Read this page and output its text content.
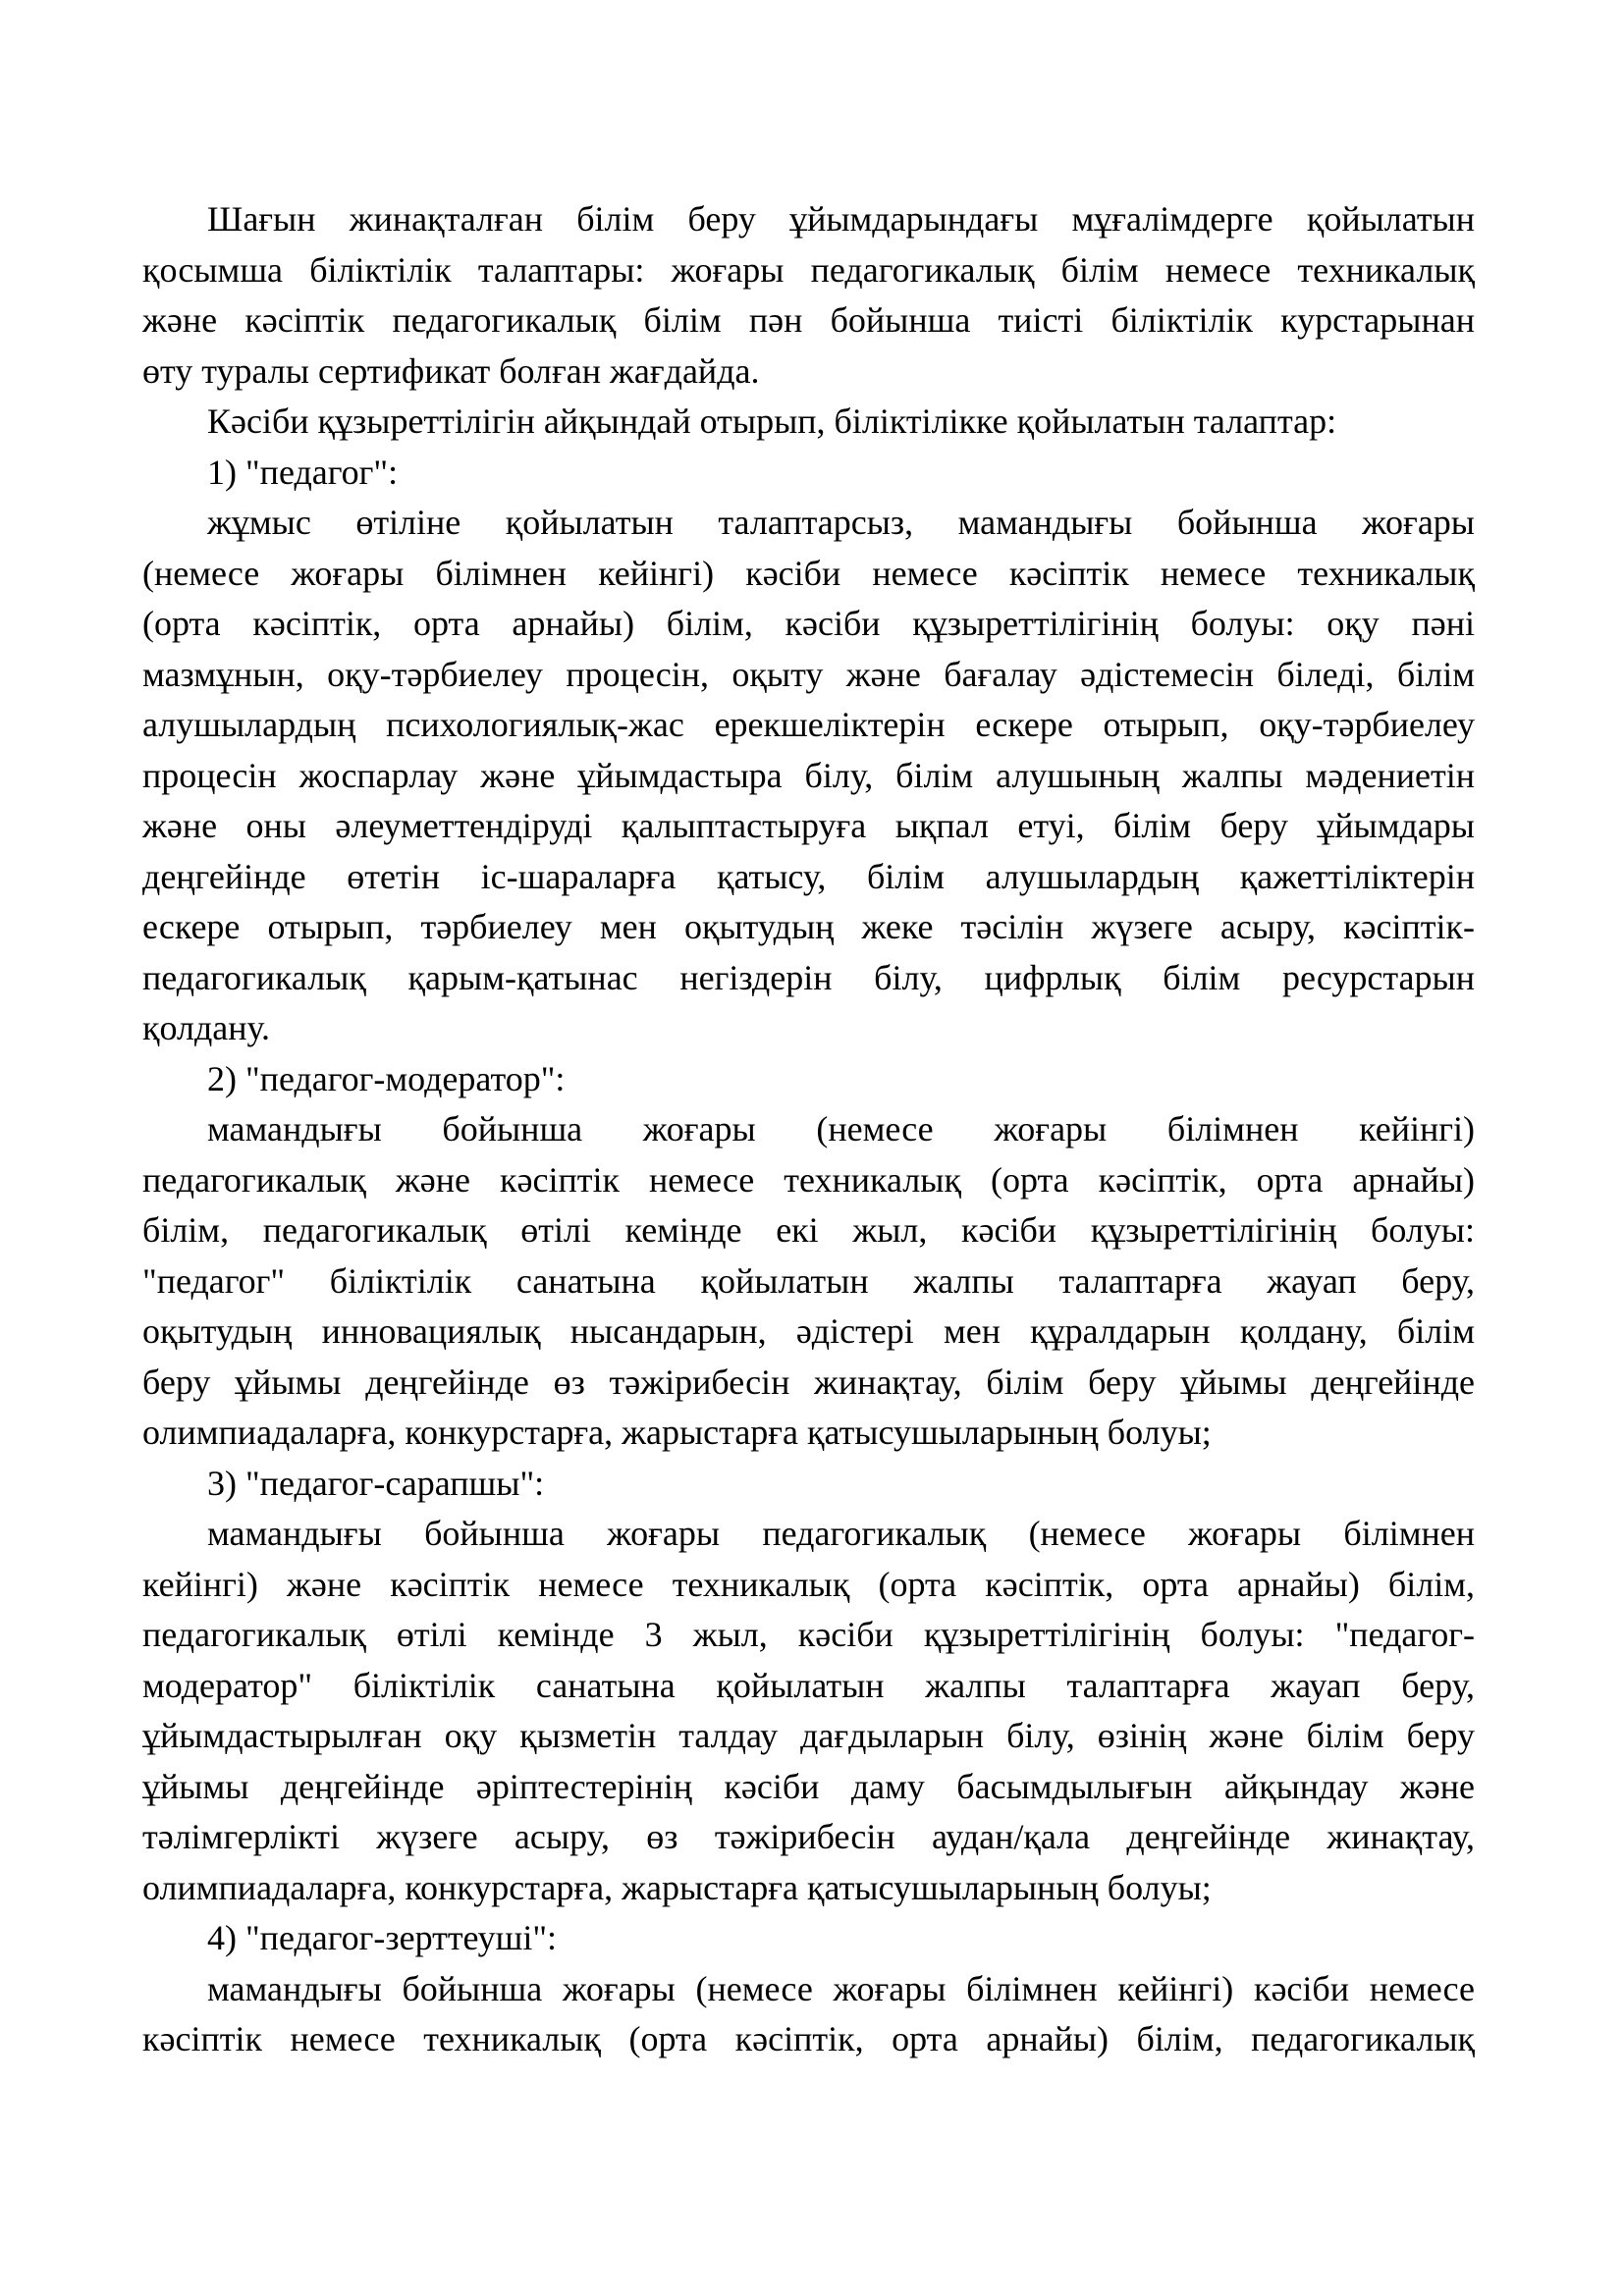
Шағын жинақталған білім беру ұйымдарындағы мұғалімдерге қойылатын
қосымша біліктілік талаптары: жоғары педагогикалық білім немесе техникалық
және кәсіптік педагогикалық білім пән бойынша тиісті біліктілік курстарынан
өту туралы сертификат болған жағдайда.
Кәсіби құзыреттілігін айқындай отырып, біліктілікке қойылатын талаптар:
1) "педагог":
жұмыс өтіліне қойылатын талаптарсыз, мамандығы бойынша жоғары
(немесе жоғары білімнен кейінгі) кәсіби немесе кәсіптік немесе техникалық
(орта кәсіптік, орта арнайы) білім, кәсіби құзыреттілігінің болуы: оқу пәні
мазмұнын, оқу-тәрбиелеу процесін, оқыту және бағалау әдістемесін біледі, білім
алушылардың психологиялық-жас ерекшеліктерін ескере отырып, оқу-тәрбиелеу
процесін жоспарлау және ұйымдастыра білу, білім алушының жалпы мәдениетін
және оны әлеуметтендіруді қалыптастыруға ықпал етуі, білім беру ұйымдары
деңгейінде өтетін іс-шараларға қатысу, білім алушылардың қажеттіліктерін
ескере отырып, тәрбиелеу мен оқытудың жеке тәсілін жүзеге асыру, кәсіптік-
педагогикалық қарым-қатынас негіздерін білу, цифрлық білім ресурстарын
қолдану.
2) "педагог-модератор":
мамандығы бойынша жоғары (немесе жоғары білімнен кейінгі)
педагогикалық және кәсіптік немесе техникалық (орта кәсіптік, орта арнайы)
білім, педагогикалық өтілі кемінде екі жыл, кәсіби құзыреттілігінің болуы:
"педагог" біліктілік санатына қойылатын жалпы талаптарға жауап беру,
оқытудың инновациялық нысандарын, әдістері мен құралдарын қолдану, білім
беру ұйымы деңгейінде өз тәжірибесін жинақтау, білім беру ұйымы деңгейінде
олимпиадаларға, конкурстарға, жарыстарға қатысушыларының болуы;
3) "педагог-сарапшы":
мамандығы бойынша жоғары педагогикалық (немесе жоғары білімнен
кейінгі) және кәсіптік немесе техникалық (орта кәсіптік, орта арнайы) білім,
педагогикалық өтілі кемінде 3 жыл, кәсіби құзыреттілігінің болуы: "педагог-
модератор" біліктілік санатына қойылатын жалпы талаптарға жауап беру,
ұйымдастырылған оқу қызметін талдау дағдыларын білу, өзінің және білім беру
ұйымы деңгейінде әріптестерінің кәсіби даму басымдылығын айқындау және
тәлімгерлікті жүзеге асыру, өз тәжірибесін аудан/қала деңгейінде жинақтау,
олимпиадаларға, конкурстарға, жарыстарға қатысушыларының болуы;
4) "педагог-зерттеуші":
мамандығы бойынша жоғары (немесе жоғары білімнен кейінгі) кәсіби немесе
кәсіптік немесе техникалық (орта кәсіптік, орта арнайы) білім, педагогикалық
